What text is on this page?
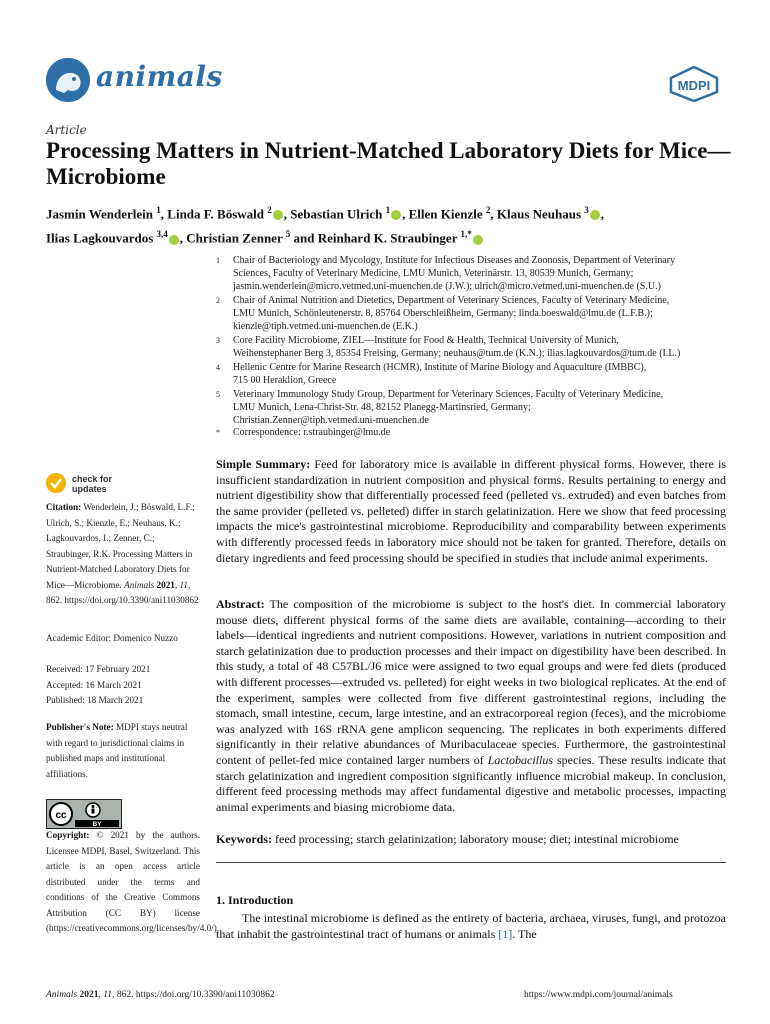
animals	MDPI
Article
Processing Matters in Nutrient-Matched Laboratory Diets for Mice—Microbiome
Jasmin Wenderlein $^1$, Linda F. Böswald $^2$ , Sebastian Ulrich $^1$ , Ellen Kienzle $^2$, Klaus Neuhaus $^3$ ,
Ilias Lagkouvardos $^{3,4}$ , Christian Zenner $^5$ and Reinhard K. Straubinger $^{1,*}$
1 Chair of Bacteriology and Mycology, Institute for Infectious Diseases and Zoonosis, Department of Veterinary
Sciences, Faculty of Veterinary Medicine, LMU Munich, Veterinärstr. 13, 80539 Munich, Germany;
jasmin.wenderlein@micro.vetmed.uni-muenchen.de (J.W.); ulrich@micro.vetmed.uni-muenchen.de (S.U.)
2 Chair of Animal Nutrition and Dietetics, Department of Veterinary Sciences, Faculty of Veterinary Medicine,
LMU Munich, Schönleutenerstr. 8, 85764 Oberschleißheim, Germany; linda.boeswald@lmu.de (L.F.B.);
kienzle@tiph.vetmed.uni-muenchen.de (E.K.)
3 Core Facility Microbiome, ZIEL—Institute for Food & Health, Technical University of Munich,
Weihenstephaner Berg 3, 85354 Freising, Germany; neuhaus@tum.de (K.N.); ilias.lagkouvardos@tum.de (I.L.)
4 Hellenic Centre for Marine Research (HCMR), Institute of Marine Biology and Aquaculture (IMBBC),
715 00 Heraklion, Greece
5 Veterinary Immunology Study Group, Department for Veterinary Sciences, Faculty of Veterinary Medicine,
LMU Munich, Lena-Christ-Str. 48, 82152 Planegg-Martinsried, Germany;
Christian.Zenner@tiph.vetmed.uni-muenchen.de
* Correspondence: r.straubinger@lmu.de
check for
updates
Citation: Wenderlein, J.; Böswald, L.F.; Ulrich, S.; Kienzle, E.; Neuhaus, K.; Lagkouvardos, I.; Zenner, C.; Straubinger, R.K. Processing Matters in Nutrient-Matched Laboratory Diets for Mice—Microbiome. Animals 2021, 11, 862. https://doi.org/10.3390/ani11030862
Academic Editor: Domenico Nuzzo
Received: 17 February 2021
Accepted: 16 March 2021
Published: 18 March 2021
Publisher's Note: MDPI stays neutral with regard to jurisdictional claims in published maps and institutional affiliations.
cc
BY
Copyright: © 2021 by the authors. Licensee MDPI, Basel, Switzerland. This article is an open access article distributed under the terms and conditions of the Creative Commons Attribution (CC BY) license (https://creativecommons.org/licenses/by/4.0/).
Simple Summary: Feed for laboratory mice is available in different physical forms. However, there is insufficient standardization in nutrient composition and physical forms. Results pertaining to energy and nutrient digestibility show that differentially processed feed (pelleted vs. extruded) and even batches from the same provider (pelleted vs. pelleted) differ in starch gelatinization. Here we show that feed processing impacts the mice's gastrointestinal microbiome. Reproducibility and comparability between experiments with differently processed feeds in laboratory mice should not be taken for granted. Therefore, details on dietary ingredients and feed processing should be specified in studies that include animal experiments.
Abstract: The composition of the microbiome is subject to the host's diet. In commercial laboratory mouse diets, different physical forms of the same diets are available, containing—according to their labels—identical ingredients and nutrient compositions. However, variations in nutrient composition and starch gelatinization due to production processes and their impact on digestibility have been described. In this study, a total of 48 C57BL/J6 mice were assigned to two equal groups and were fed diets (produced with different processes—extruded vs. pelleted) for eight weeks in two biological replicates. At the end of the experiment, samples were collected from five different gastrointestinal regions, including the stomach, small intestine, cecum, large intestine, and an extracorporeal region (feces), and the microbiome was analyzed with 16S rRNA gene amplicon sequencing. The replicates in both experiments differed significantly in their relative abundances of Muribaculaceae species. Furthermore, the gastrointestinal content of pellet-fed mice contained larger numbers of Lactobacillus species. These results indicate that starch gelatinization and ingredient composition significantly influence microbial makeup. In conclusion, different feed processing methods may affect fundamental digestive and metabolic processes, impacting animal experiments and biasing microbiome data.
Keywords: feed processing; starch gelatinization; laboratory mouse; diet; intestinal microbiome
1. Introduction
The intestinal microbiome is defined as the entirety of bacteria, archaea, viruses, fungi, and protozoa that inhabit the gastrointestinal tract of humans or animals [1]. The
Animals 2021, 11, 862. https://doi.org/10.3390/ani11030862	https://www.mdpi.com/journal/animals
